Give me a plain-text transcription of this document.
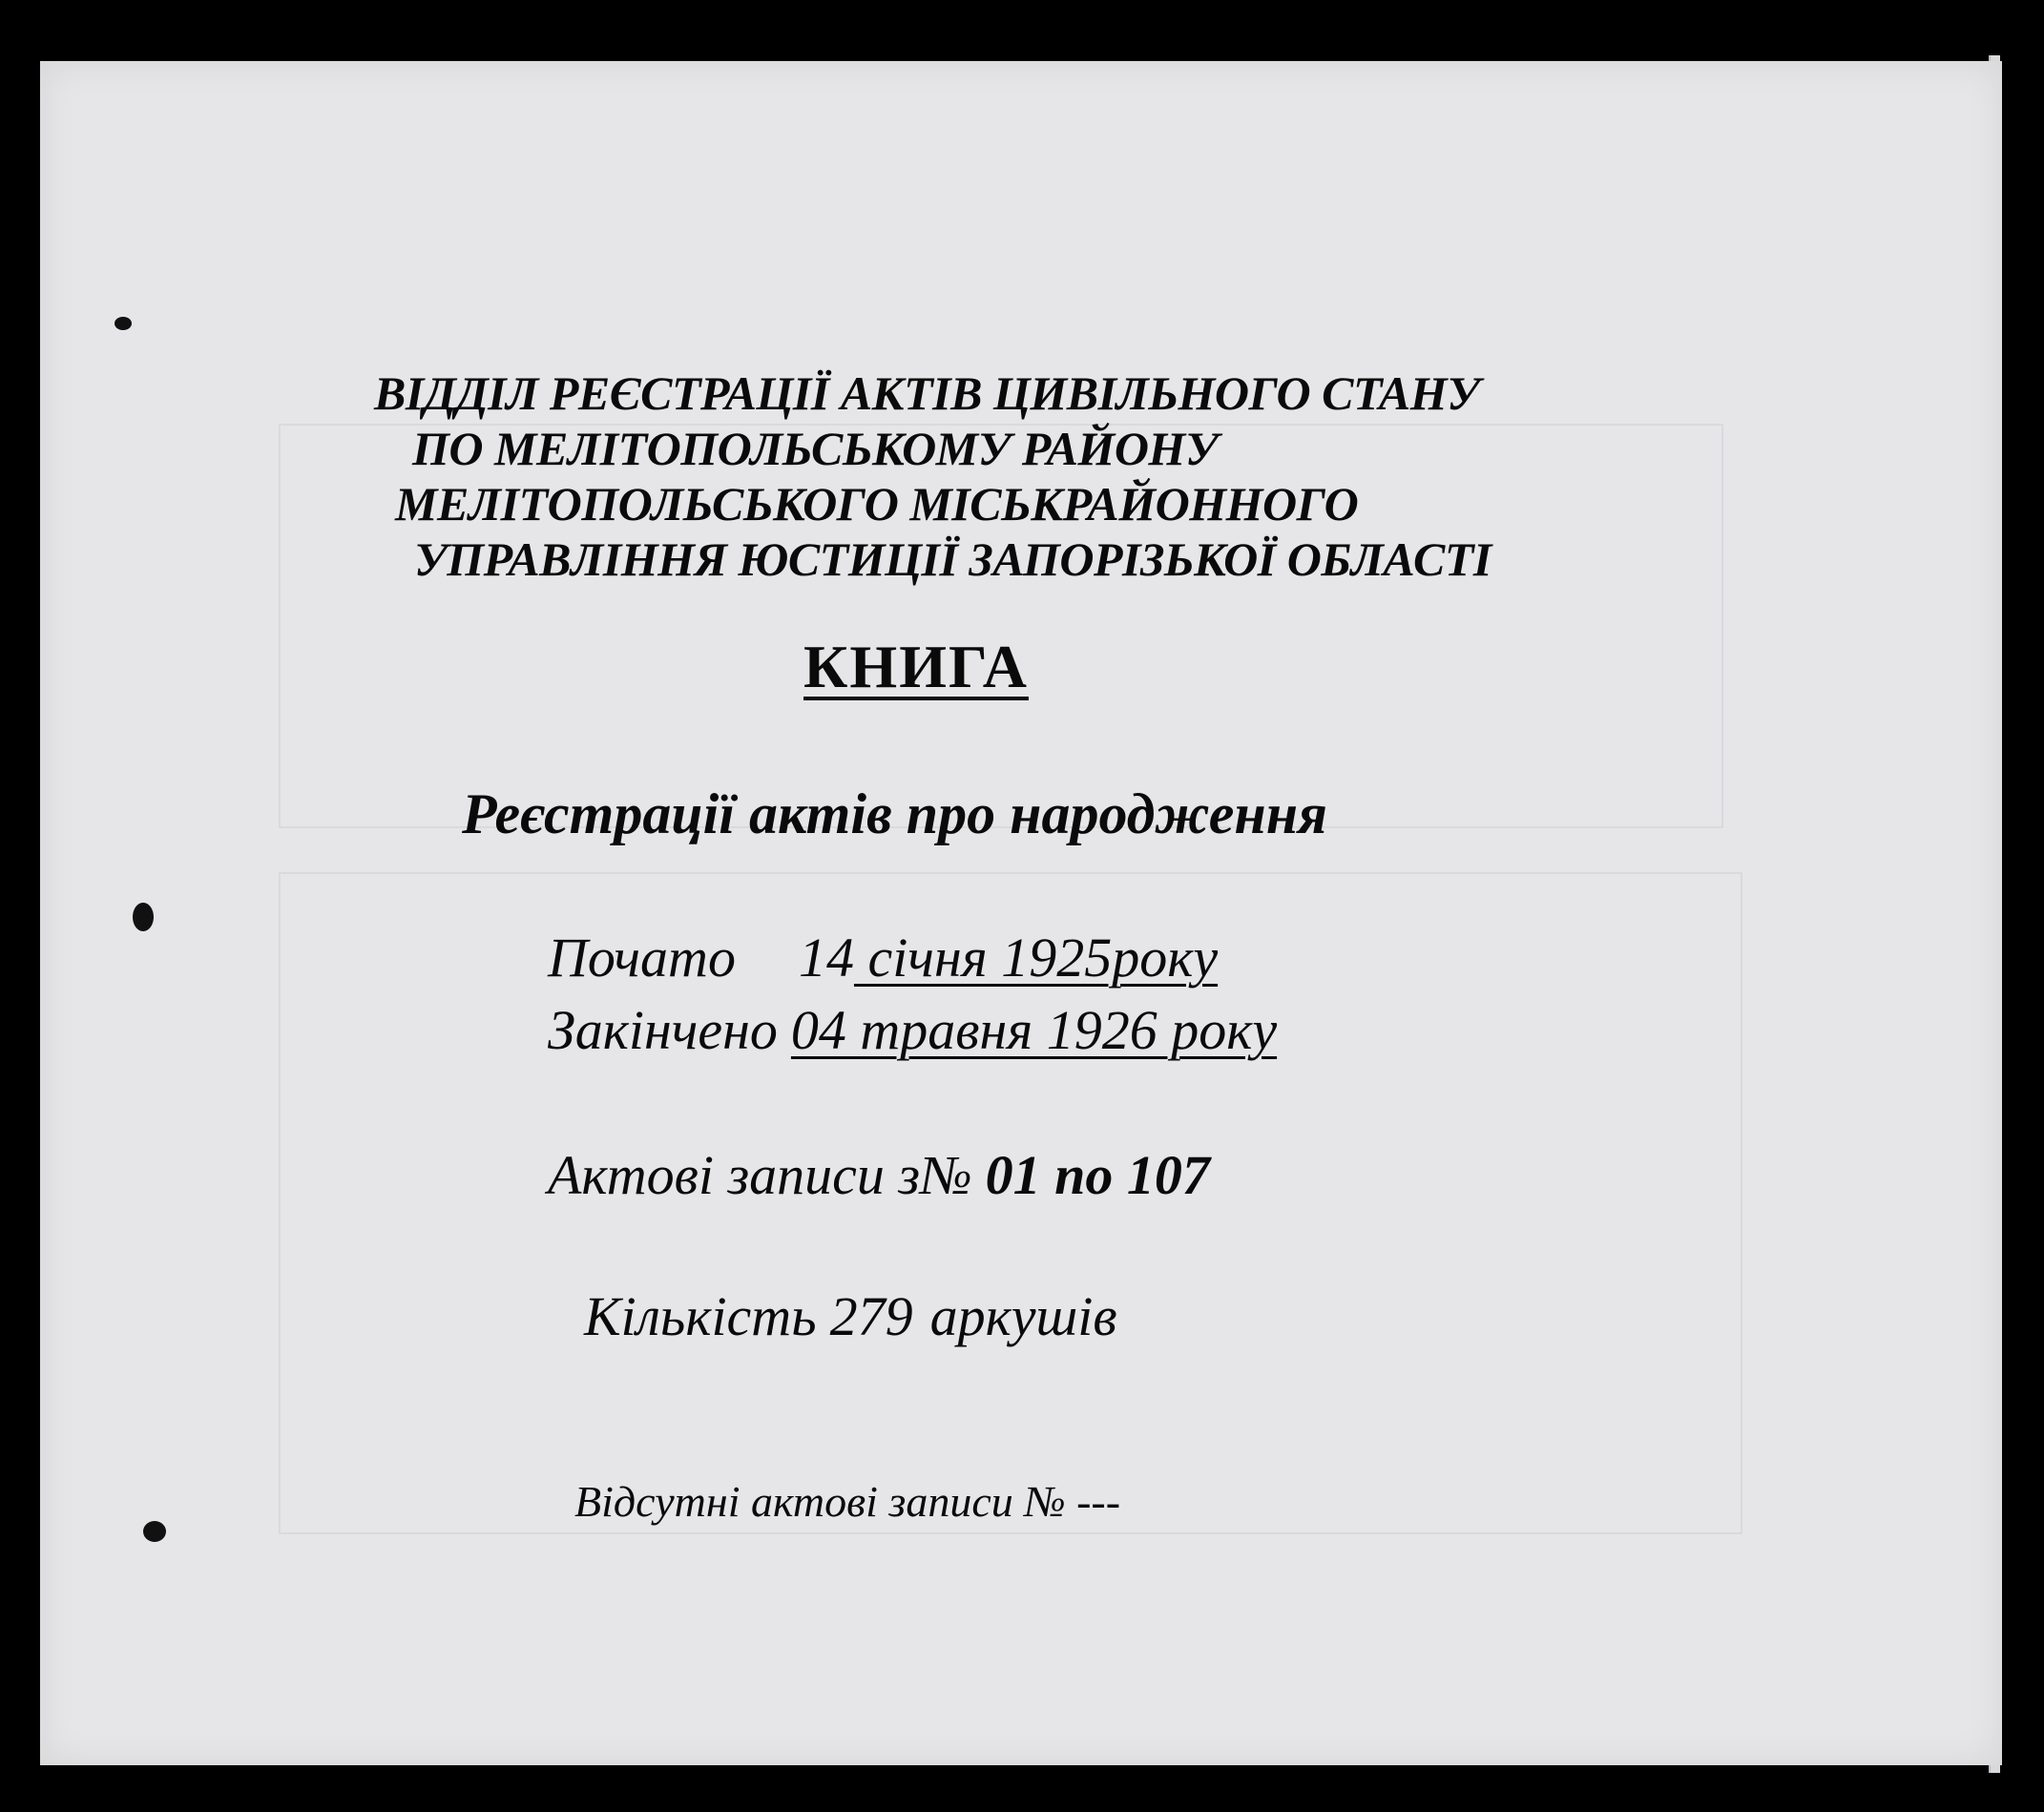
ВІДДІЛ РЕЄСТРАЦІЇ АКТІВ ЦИВІЛЬНОГО СТАНУ

ПО МЕЛІТОПОЛЬСЬКОМУ РАЙОНУ

МЕЛІТОПОЛЬСЬКОГО МІСЬКРАЙОННОГО

УПРАВЛІННЯ ЮСТИЦІЇ ЗАПОРІЗЬКОЇ ОБЛАСТІ

КНИГА

Реєстрації актів про народження

Почато 14 січня 1925року

Закінчено 04 травня 1926 року

Актові записи з№ 01 по 107

Кількість 279 аркушів

Відсутні актові записи № ---
